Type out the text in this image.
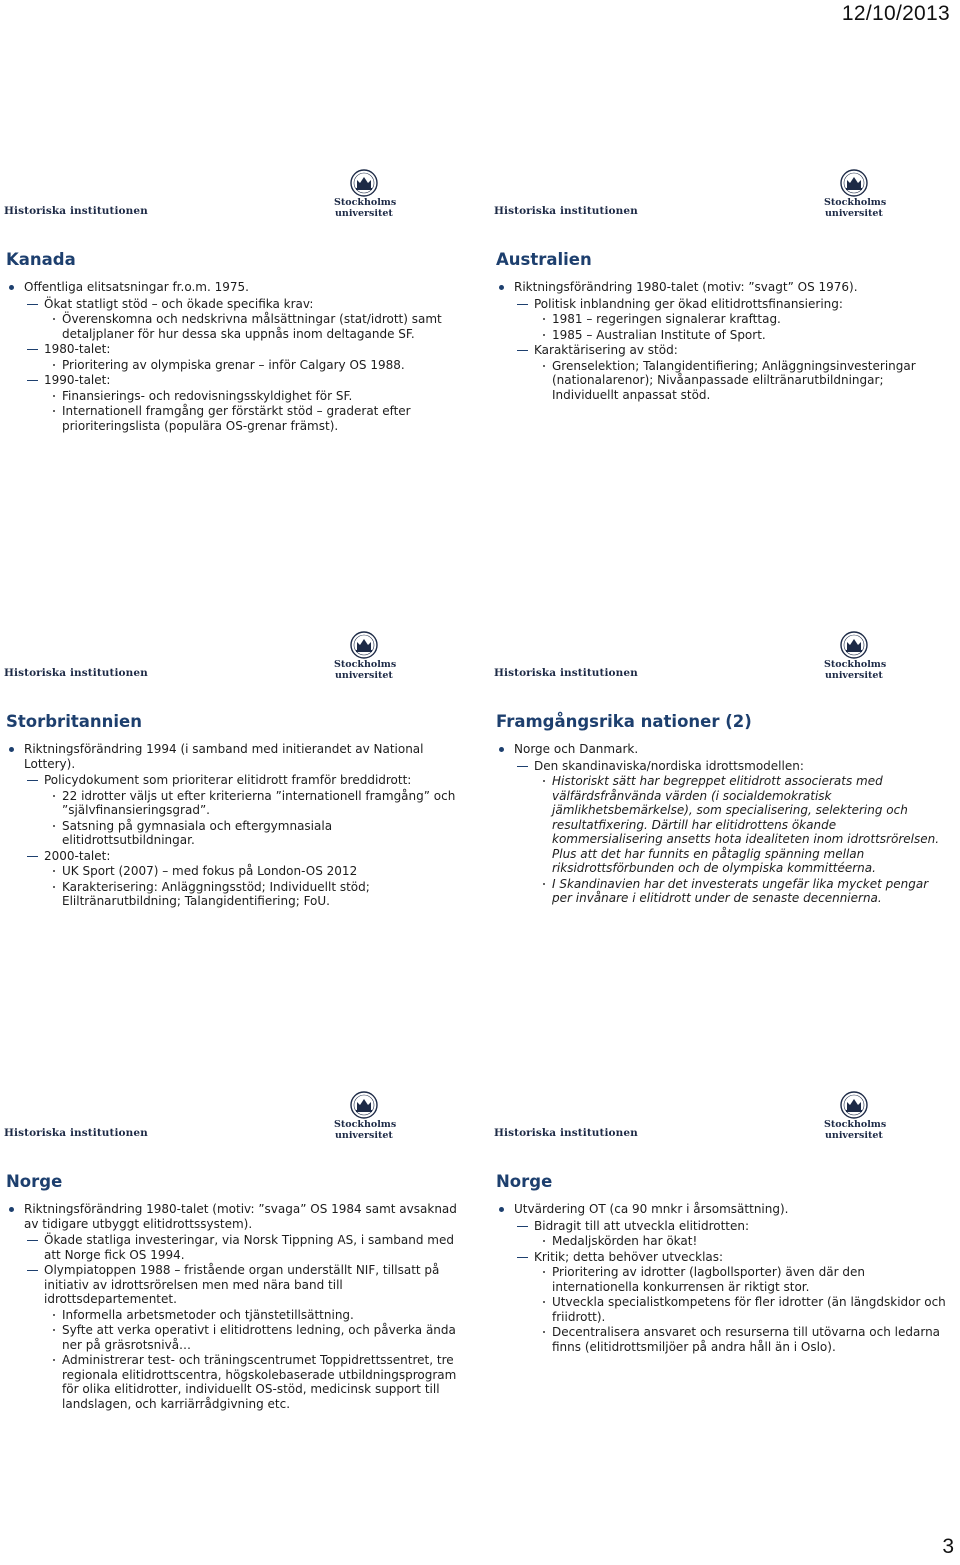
12/10/2013
Historiska institutionen
Stockholms
universitet
Kanada
Offentliga elitsatsningar fr.o.m. 1975.
Ökat statligt stöd – och ökade specifika krav:
Överenskomna och nedskrivna målsättningar (stat/idrott) samt detaljplaner för hur dessa ska uppnås inom deltagande SF.
1980-talet:
Prioritering av olympiska grenar – inför Calgary OS 1988.
1990-talet:
Finansierings- och redovisningsskyldighet för SF.
Internationell framgång ger förstärkt stöd – graderat efter prioriteringslista (populära OS-grenar främst).
Historiska institutionen
Stockholms
universitet
Australien
Riktningsförändring 1980-talet (motiv: ”svagt” OS 1976).
Politisk inblandning ger ökad elitidrottsfinansiering:
1981 – regeringen signalerar krafttag.
1985 – Australian Institute of Sport.
Karaktärisering av stöd:
Grenselektion; Talangidentifiering; Anläggningsinvesteringar (nationalarenor); Nivåanpassade eliltränarutbildningar; Individuellt anpassat stöd.
Historiska institutionen
Stockholms
universitet
Storbritannien
Riktningsförändring 1994 (i samband med initierandet av National Lottery).
Policydokument som prioriterar elitidrott framför breddidrott:
22 idrotter väljs ut efter kriterierna ”internationell framgång” och ”självfinansieringsgrad”.
Satsning på gymnasiala och eftergymnasiala elitidrottsutbildningar.
2000-talet:
UK Sport (2007) – med fokus på London-OS 2012
Karakterisering: Anläggningsstöd; Individuellt stöd; Eliltränarutbildning; Talangidentifiering; FoU.
Historiska institutionen
Stockholms
universitet
Framgångsrika nationer (2)
Norge och Danmark.
Den skandinaviska/nordiska idrottsmodellen:
Historiskt sätt har begreppet elitidrott associerats med välfärdsfrånvända värden (i socialdemokratisk jämlikhetsbemärkelse), som specialisering, selektering och resultatfixering. Därtill har elitidrottens ökande kommersialisering ansetts hota idealiteten inom idrottsrörelsen. Plus att det har funnits en påtaglig spänning mellan riksidrottsförbunden och de olympiska kommittéerna.
I Skandinavien har det investerats ungefär lika mycket pengar per invånare i elitidrott under de senaste decennierna.
Historiska institutionen
Stockholms
universitet
Norge
Riktningsförändring 1980-talet (motiv: ”svaga” OS 1984 samt avsaknad av tidigare utbyggt elitidrottssystem).
Ökade statliga investeringar, via Norsk Tippning AS, i samband med att Norge fick OS 1994.
Olympiatoppen 1988 – fristående organ underställt NIF, tillsatt på initiativ av idrottsrörelsen men med nära band till idrottsdepartementet.
Informella arbetsmetoder och tjänstetillsättning.
Syfte att verka operativt i elitidrottens ledning, och påverka ända ner på gräsrotsnivå…
Administrerar test- och träningscentrumet Toppidrettssentret, tre regionala elitidrottscentra, högskolebaserade utbildningsprogram för olika elitidrotter, individuellt OS-stöd, medicinsk support till landslagen, och karriärrådgivning etc.
Historiska institutionen
Stockholms
universitet
Norge
Utvärdering OT (ca 90 mnkr i årsomsättning).
Bidragit till att utveckla elitidrotten:
Medaljskörden har ökat!
Kritik; detta behöver utvecklas:
Prioritering av idrotter (lagbollsporter) även där den internationella konkurrensen är riktigt stor.
Utveckla specialistkompetens för fler idrotter (än längdskidor och friidrott).
Decentralisera ansvaret och resurserna till utövarna och ledarna finns (elitidrottsmiljöer på andra håll än i Oslo).
3
